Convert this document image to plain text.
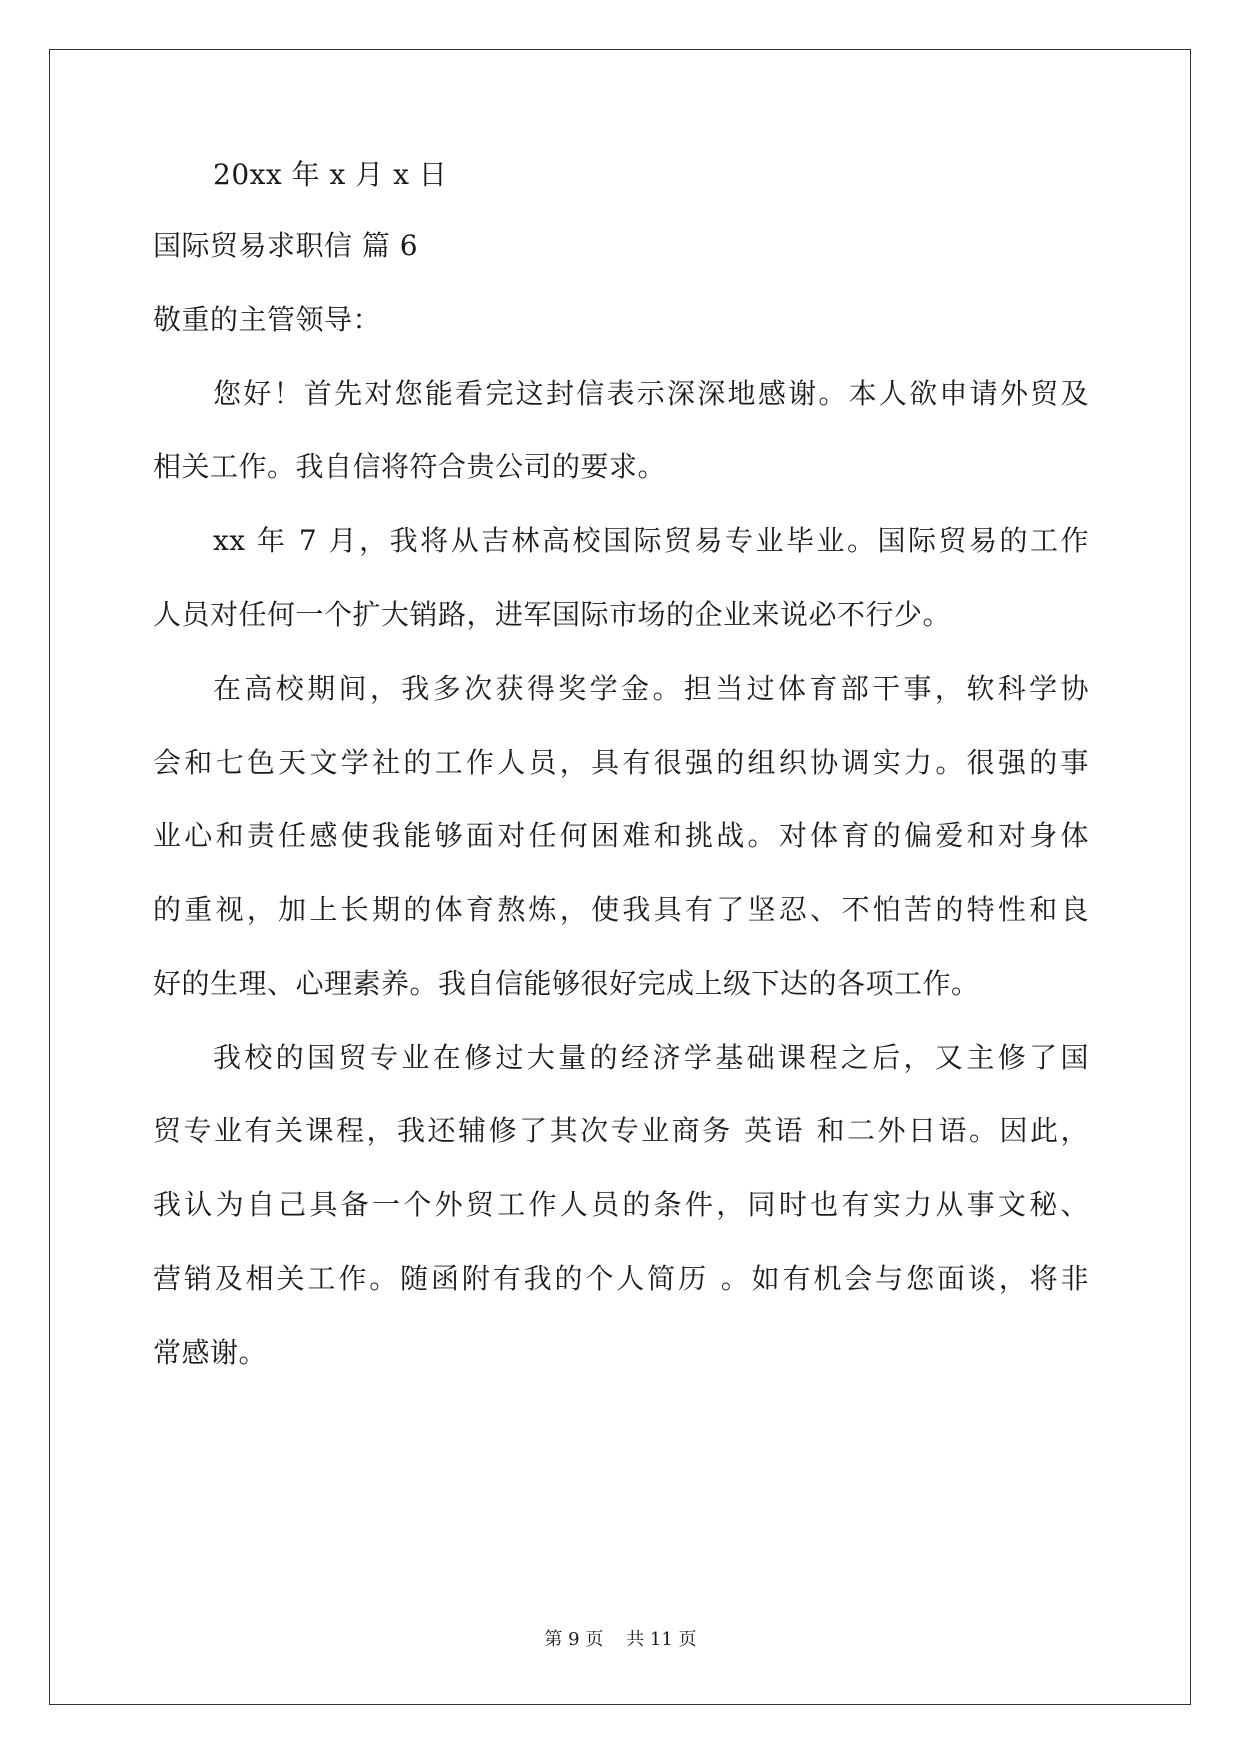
20xx 年 x 月 x 日
国际贸易求职信 篇 6
敬重的主管领导：
您好！首先对您能看完这封信表示深深地感谢。本人欲申请外贸及
相关工作。我自信将符合贵公司的要求。
xx 年 7 月，我将从吉林高校国际贸易专业毕业。国际贸易的工作
人员对任何一个扩大销路，进军国际市场的企业来说必不行少。
在高校期间，我多次获得奖学金。担当过体育部干事，软科学协
会和七色天文学社的工作人员，具有很强的组织协调实力。很强的事
业心和责任感使我能够面对任何困难和挑战。对体育的偏爱和对身体
的重视，加上长期的体育熬炼，使我具有了坚忍、不怕苦的特性和良
好的生理、心理素养。我自信能够很好完成上级下达的各项工作。
我校的国贸专业在修过大量的经济学基础课程之后，又主修了国
贸专业有关课程，我还辅修了其次专业商务 英语 和二外日语。因此，
我认为自己具备一个外贸工作人员的条件，同时也有实力从事文秘、
营销及相关工作。随函附有我的个人简历 。如有机会与您面谈，将非
常感谢。
第 9 页    共 11 页
